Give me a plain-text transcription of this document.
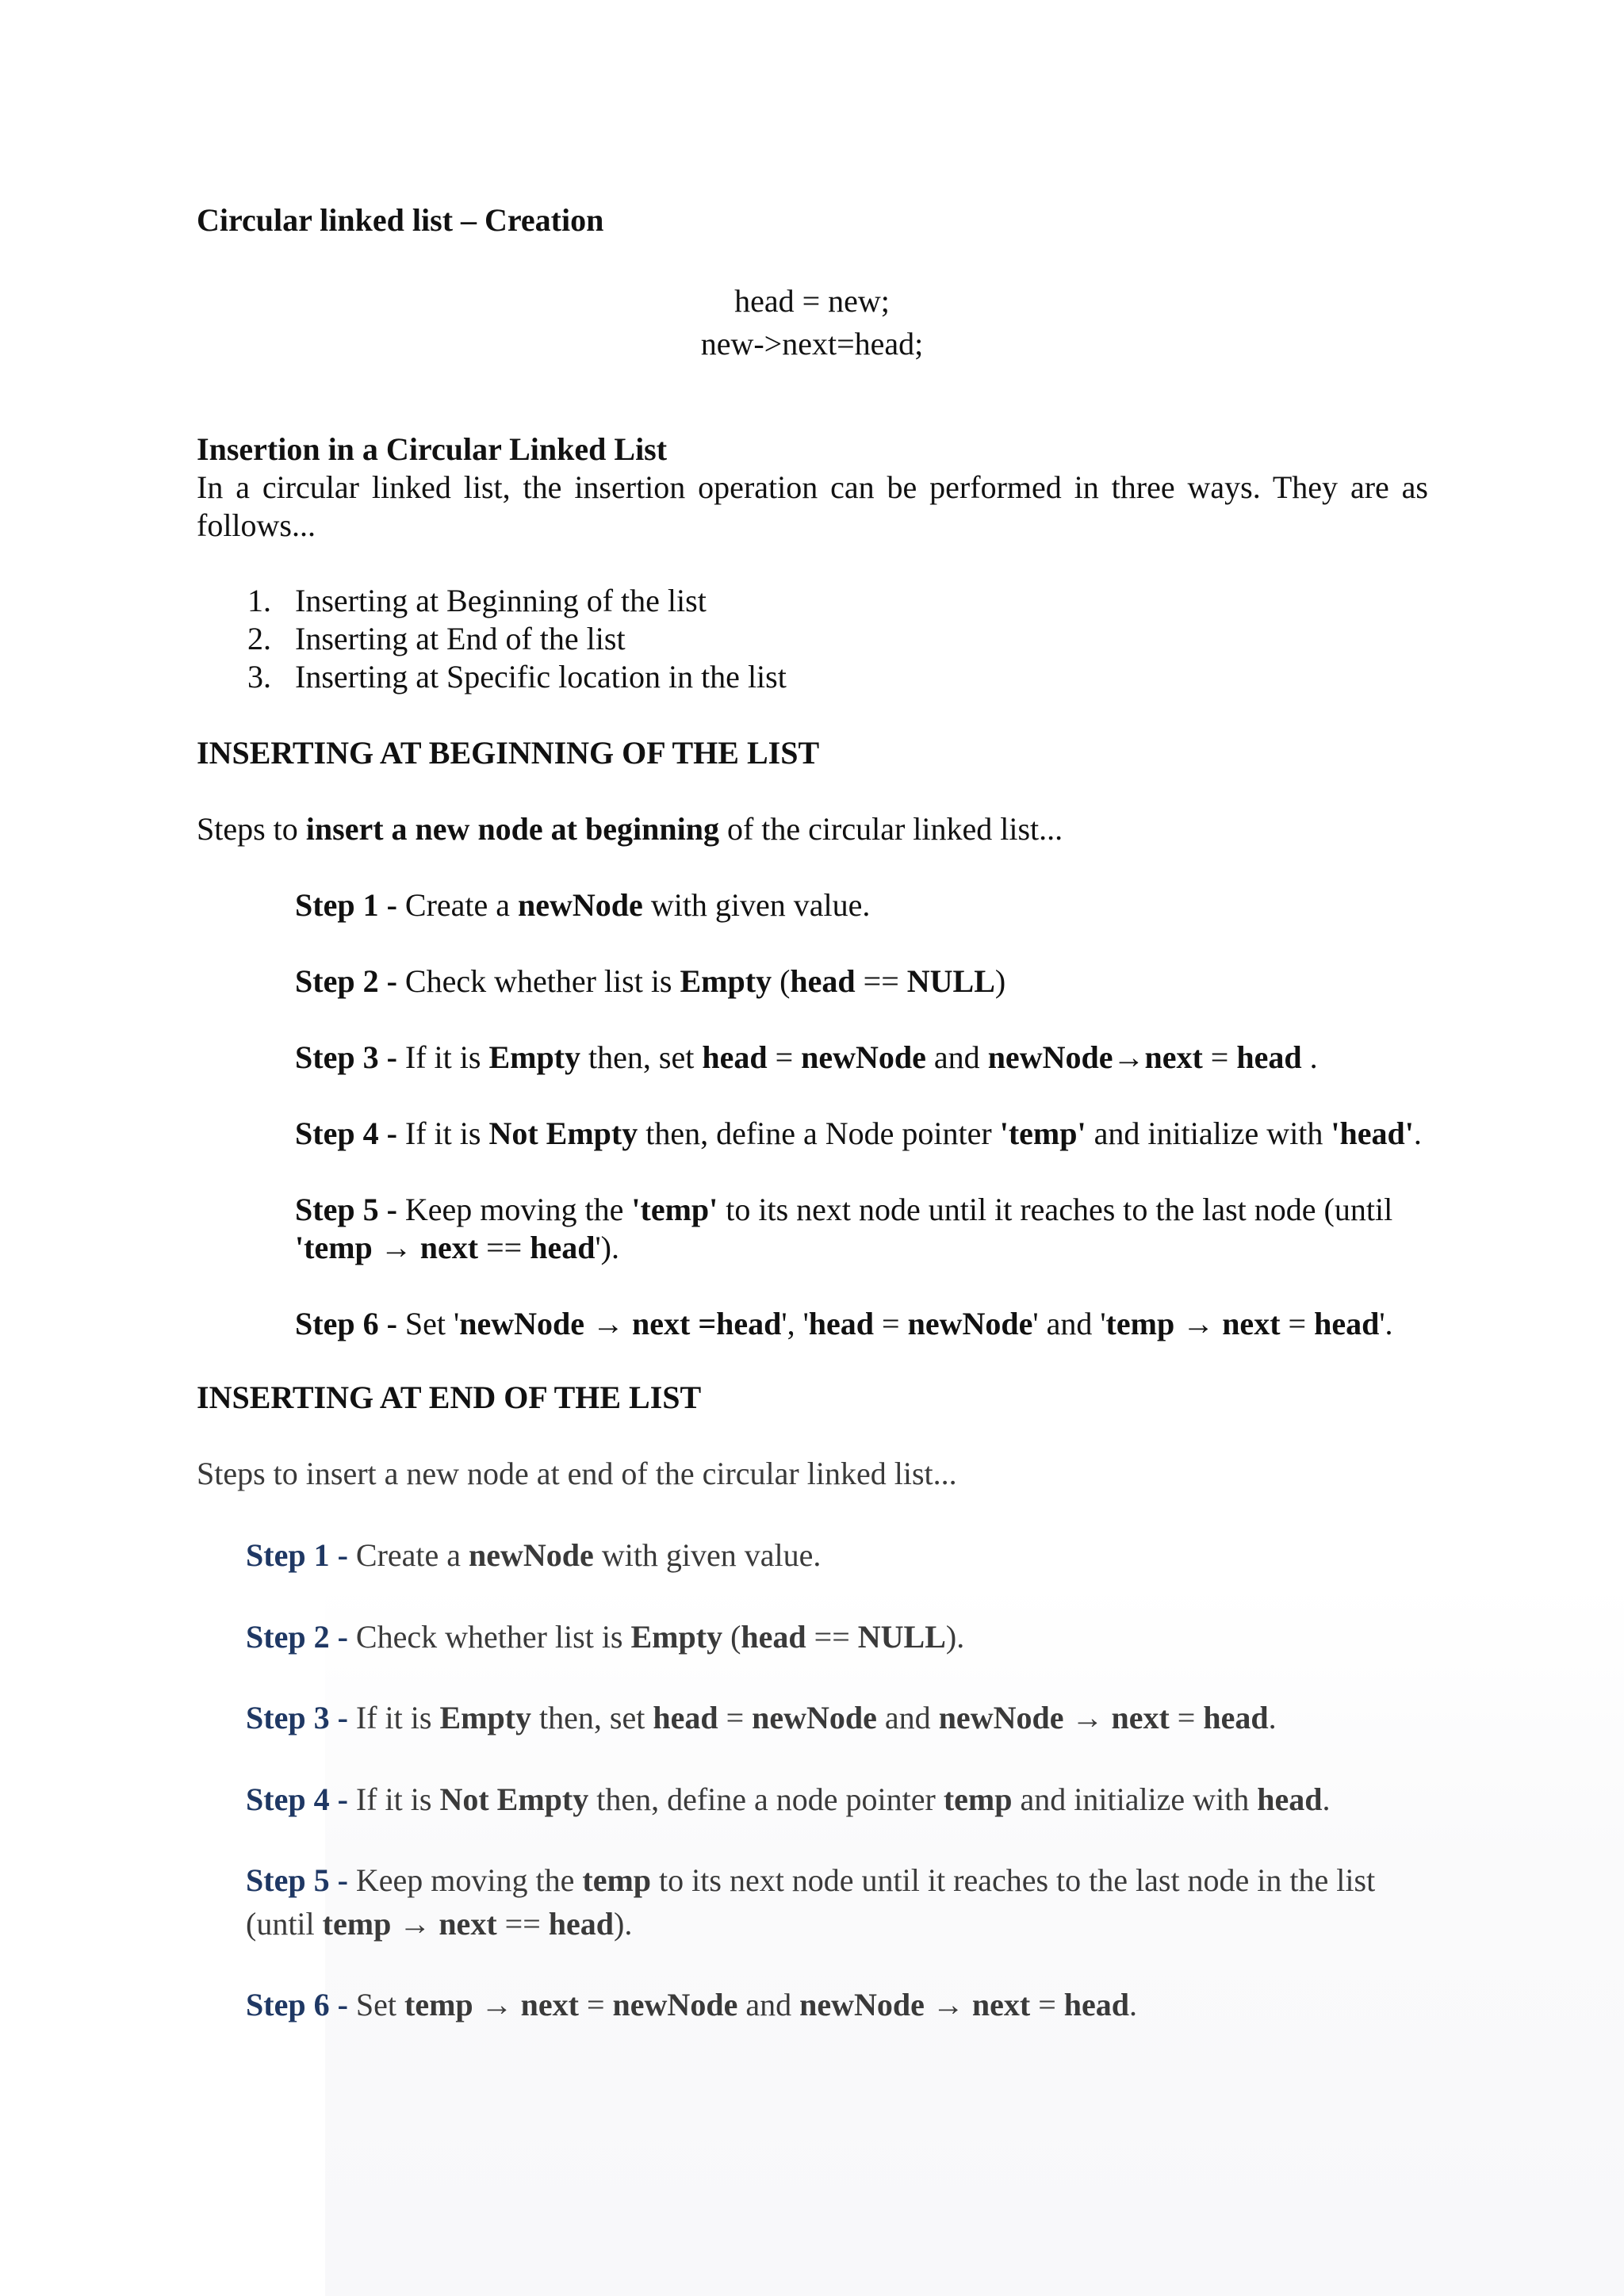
Circular linked list – Creation
head = new;
new->next=head;
Insertion in a Circular Linked List
In a circular linked list, the insertion operation can be performed in three ways. They are as follows...
1. Inserting at Beginning of the list
2. Inserting at End of the list
3. Inserting at Specific location in the list
INSERTING AT BEGINNING OF THE LIST
Steps to insert a new node at beginning of the circular linked list...
Step 1 - Create a newNode with given value.
Step 2 - Check whether list is Empty (head == NULL)
Step 3 - If it is Empty then, set head = newNode and newNode→next = head .
Step 4 - If it is Not Empty then, define a Node pointer 'temp' and initialize with 'head'.
Step 5 - Keep moving the 'temp' to its next node until it reaches to the last node (until
'temp → next == head').
Step 6 - Set 'newNode → next =head', 'head = newNode' and 'temp → next = head'.
INSERTING AT END OF THE LIST
Steps to insert a new node at end of the circular linked list...
Step 1 - Create a newNode with given value.
Step 2 - Check whether list is Empty (head == NULL).
Step 3 - If it is Empty then, set head = newNode and newNode → next = head.
Step 4 - If it is Not Empty then, define a node pointer temp and initialize with head.
Step 5 - Keep moving the temp to its next node until it reaches to the last node in the list
(until temp → next == head).
Step 6 - Set temp → next = newNode and newNode → next = head.
